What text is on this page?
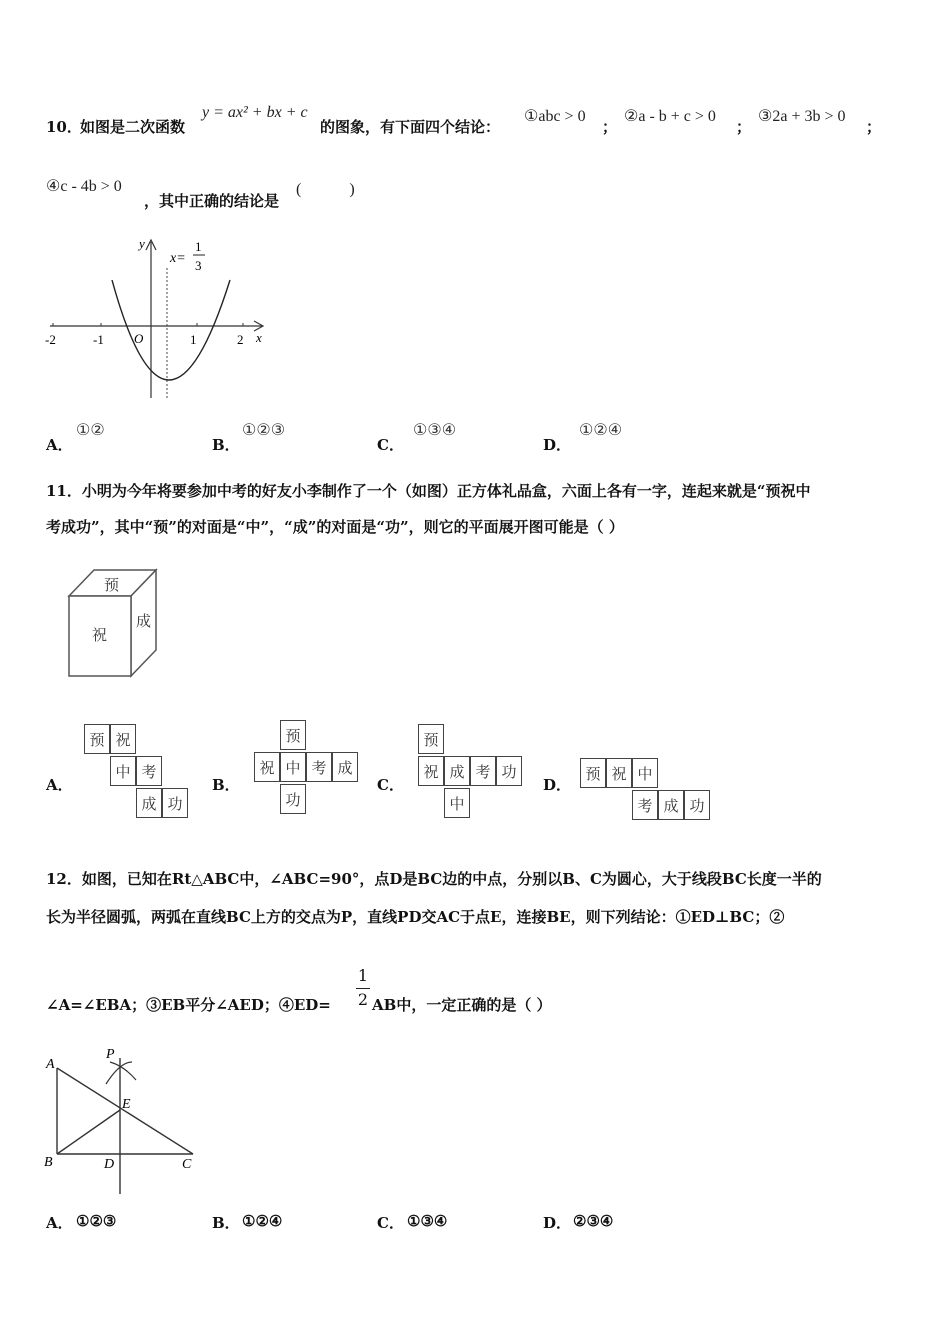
10．
如图是二次函数
y = ax² + bx + c
的图象，有下面四个结论：
①abc > 0
；
②a - b + c > 0
；
③2a + 3b > 0
；
④c - 4b > 0
，其中正确的结论是
(　　　)
y
x
x=
1
3
O
-2	-1	1	2
A．
①②
B．
①②③
C．
①③④
D．
①②④
11．小明为今年将要参加中考的好友小李制作了一个（如图）正方体礼品盒，六面上各有一字，连起来就是“预祝中
考成功”，其中“预”的对面是“中”，“成”的对面是“功”，则它的平面展开图可能是（ ）
预
祝
成
A．
预 祝
中 考
成 功
B．
预
祝 中 考 成
功
C．
预
祝 成 考 功
中
D．
预 祝 中
考 成 功
12．如图，已知在Rt△ABC中，∠ABC=90°，点D是BC边的中点，分别以B、C为圆心，大于线段BC长度一半的
长为半径圆弧，两弧在直线BC上方的交点为P，直线PD交AC于点E，连接BE，则下列结论：①ED⊥BC；②
∠A=∠EBA；③EB平分∠AED；④ED=
1
2 AB中，一定正确的是（ ）
A
B	C
D
E
P
A． ①②③	B． ①②④	C． ①③④	D． ②③④
